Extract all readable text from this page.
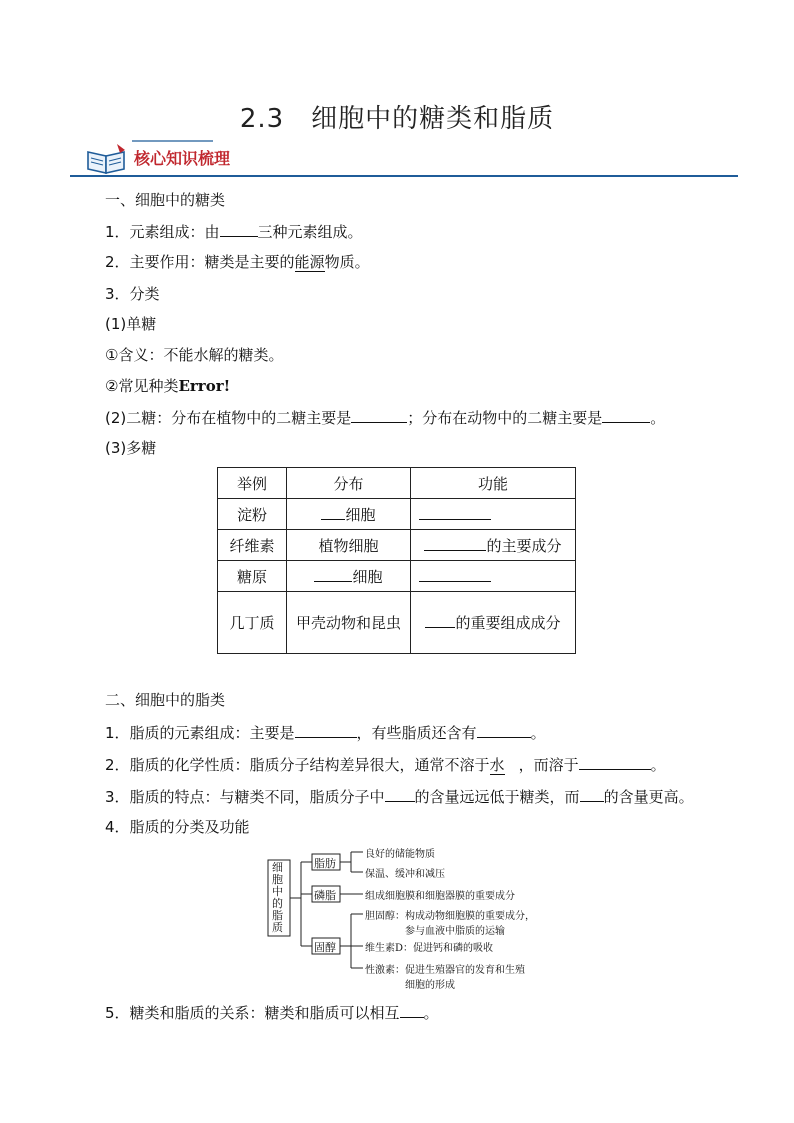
2.3　细胞中的糖类和脂质
核心知识梳理
一、细胞中的糖类
1．元素组成：由	三种元素组成。
2．主要作用：糖类是主要的能源物质。
3．分类
(1)单糖
①含义：不能水解的糖类。
②常见种类Error!
(2)二糖：分布在植物中的二糖主要是	；分布在动物中的二糖主要是	。
(3)多糖
举例	分布	功能
淀粉	细胞	
纤维素	植物细胞	的主要成分
糖原	细胞	
几丁质	甲壳动物和昆虫	的重要组成成分
二、细胞中的脂类
1．脂质的元素组成：主要是	，有些脂质还含有	。
2．脂质的化学性质：脂质分子结构差异很大，通常不溶于水 ，而溶于	。
3．脂质的特点：与糖类不同，脂质分子中 的含量远远低于糖类，而 的含量更高。
4．脂质的分类及功能
细胞中的脂质
脂肪
磷脂
固醇
良好的储能物质
保温、缓冲和减压
组成细胞膜和细胞器膜的重要成分
胆固醇：构成动物细胞膜的重要成分，
参与血液中脂质的运输
维生素D：促进钙和磷的吸收
性激素：促进生殖器官的发育和生殖
细胞的形成
5．糖类和脂质的关系：糖类和脂质可以相互 。
